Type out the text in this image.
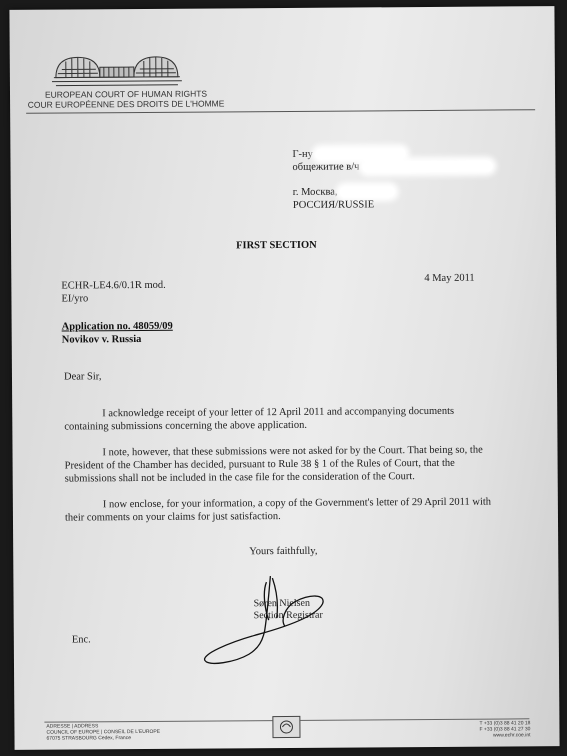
EUROPEAN COURT OF HUMAN RIGHTS
COUR EUROPÉENNE DES DROITS DE L'HOMME
Г-ну
общежитие в/ч
г. Москва,
РОССИЯ/RUSSIE
FIRST SECTION
ECHR-LE4.6/0.1R mod.
EI/yro
4 May 2011
Application no. 48059/09
Novikov v. Russia
Dear Sir,

I acknowledge receipt of your letter of 12 April 2011 and accompanying documents containing submissions concerning the above application.

I note, however, that these submissions were not asked for by the Court. That being so, the President of the Chamber has decided, pursuant to Rule 38 § 1 of the Rules of Court, that the submissions shall not be included in the case file for the consideration of the Court.

I now enclose, for your information, a copy of the Government's letter of 29 April 2011 with their comments on your claims for just satisfaction.

Yours faithfully,
Søren Nielsen
Section Registrar
Enc.
ADRESSE | ADDRESS
COUNCIL OF EUROPE | CONSEIL DE L'EUROPE
67075 STRASBOURG Cedex, France
T +33 (0)3 88 41 20 18
F +33 (0)3 88 41 27 30
www.echr.coe.int
